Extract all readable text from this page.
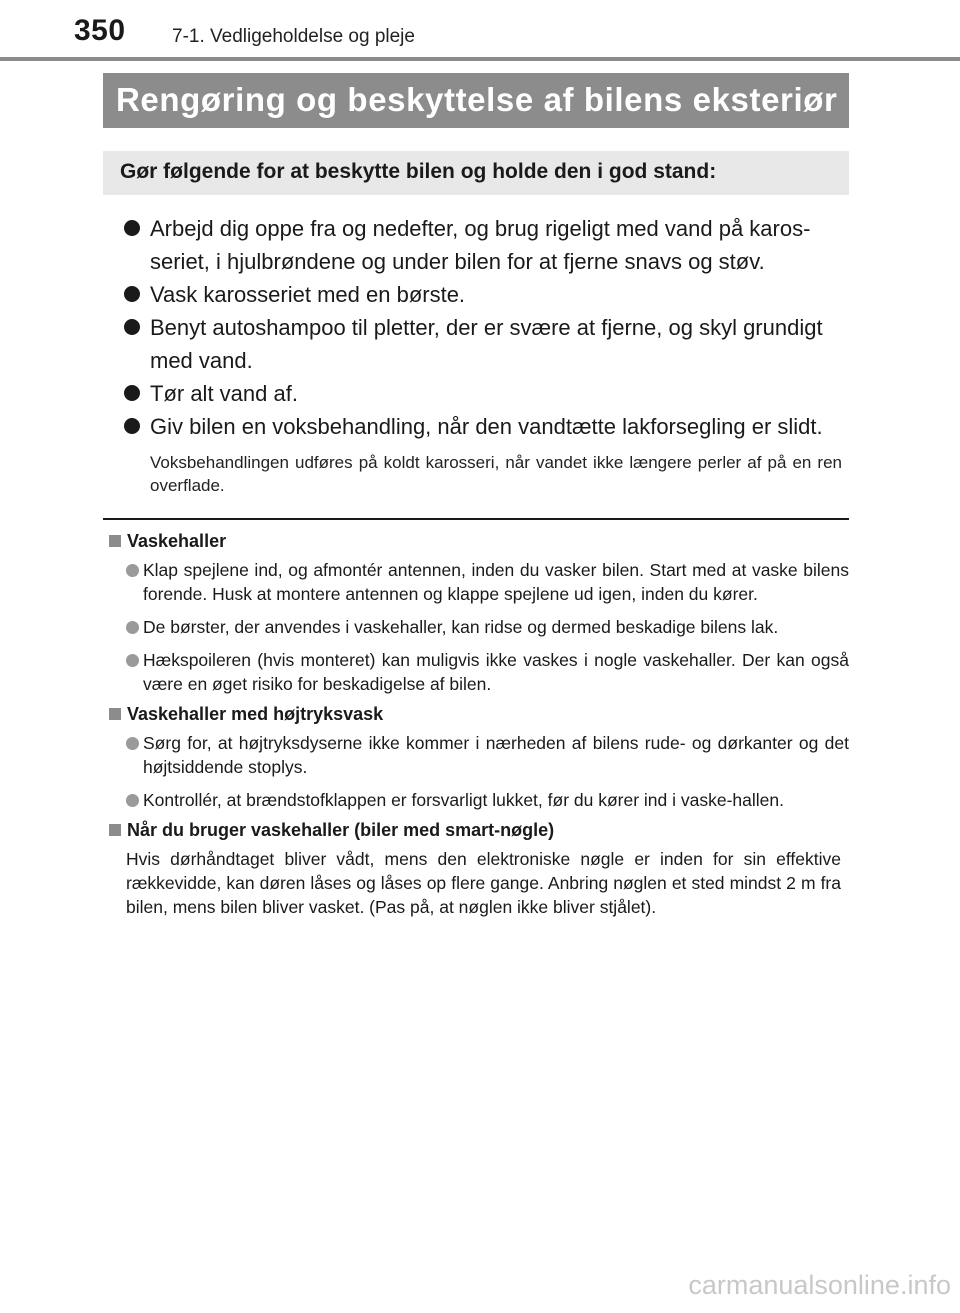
350 7-1. Vedligeholdelse og pleje
Rengøring og beskyttelse af bilens eksteriør
Gør følgende for at beskytte bilen og holde den i god stand:
Arbejd dig oppe fra og nedefter, og brug rigeligt med vand på karos-seriet, i hjulbrøndene og under bilen for at fjerne snavs og støv.
Vask karosseriet med en børste.
Benyt autoshampoo til pletter, der er svære at fjerne, og skyl grundigt med vand.
Tør alt vand af.
Giv bilen en voksbehandling, når den vandtætte lakforsegling er slidt.
Voksbehandlingen udføres på koldt karosseri, når vandet ikke længere perler af på en ren overflade.
Vaskehaller
Klap spejlene ind, og afmontér antennen, inden du vasker bilen. Start med at vaske bilens forende. Husk at montere antennen og klappe spejlene ud igen, inden du kører.
De børster, der anvendes i vaskehaller, kan ridse og dermed beskadige bilens lak.
Hækspoileren (hvis monteret) kan muligvis ikke vaskes i nogle vaskehaller. Der kan også være en øget risiko for beskadigelse af bilen.
Vaskehaller med højtryksvask
Sørg for, at højtryksdyserne ikke kommer i nærheden af bilens rude- og dørkanter og det højtsiddende stoplys.
Kontrollér, at brændstofklappen er forsvarligt lukket, før du kører ind i vaske-hallen.
Når du bruger vaskehaller (biler med smart-nøgle)
Hvis dørhåndtaget bliver vådt, mens den elektroniske nøgle er inden for sin effektive rækkevidde, kan døren låses og låses op flere gange. Anbring nøglen et sted mindst 2 m fra bilen, mens bilen bliver vasket. (Pas på, at nøglen ikke bliver stjålet).
carmanualsonline.info
